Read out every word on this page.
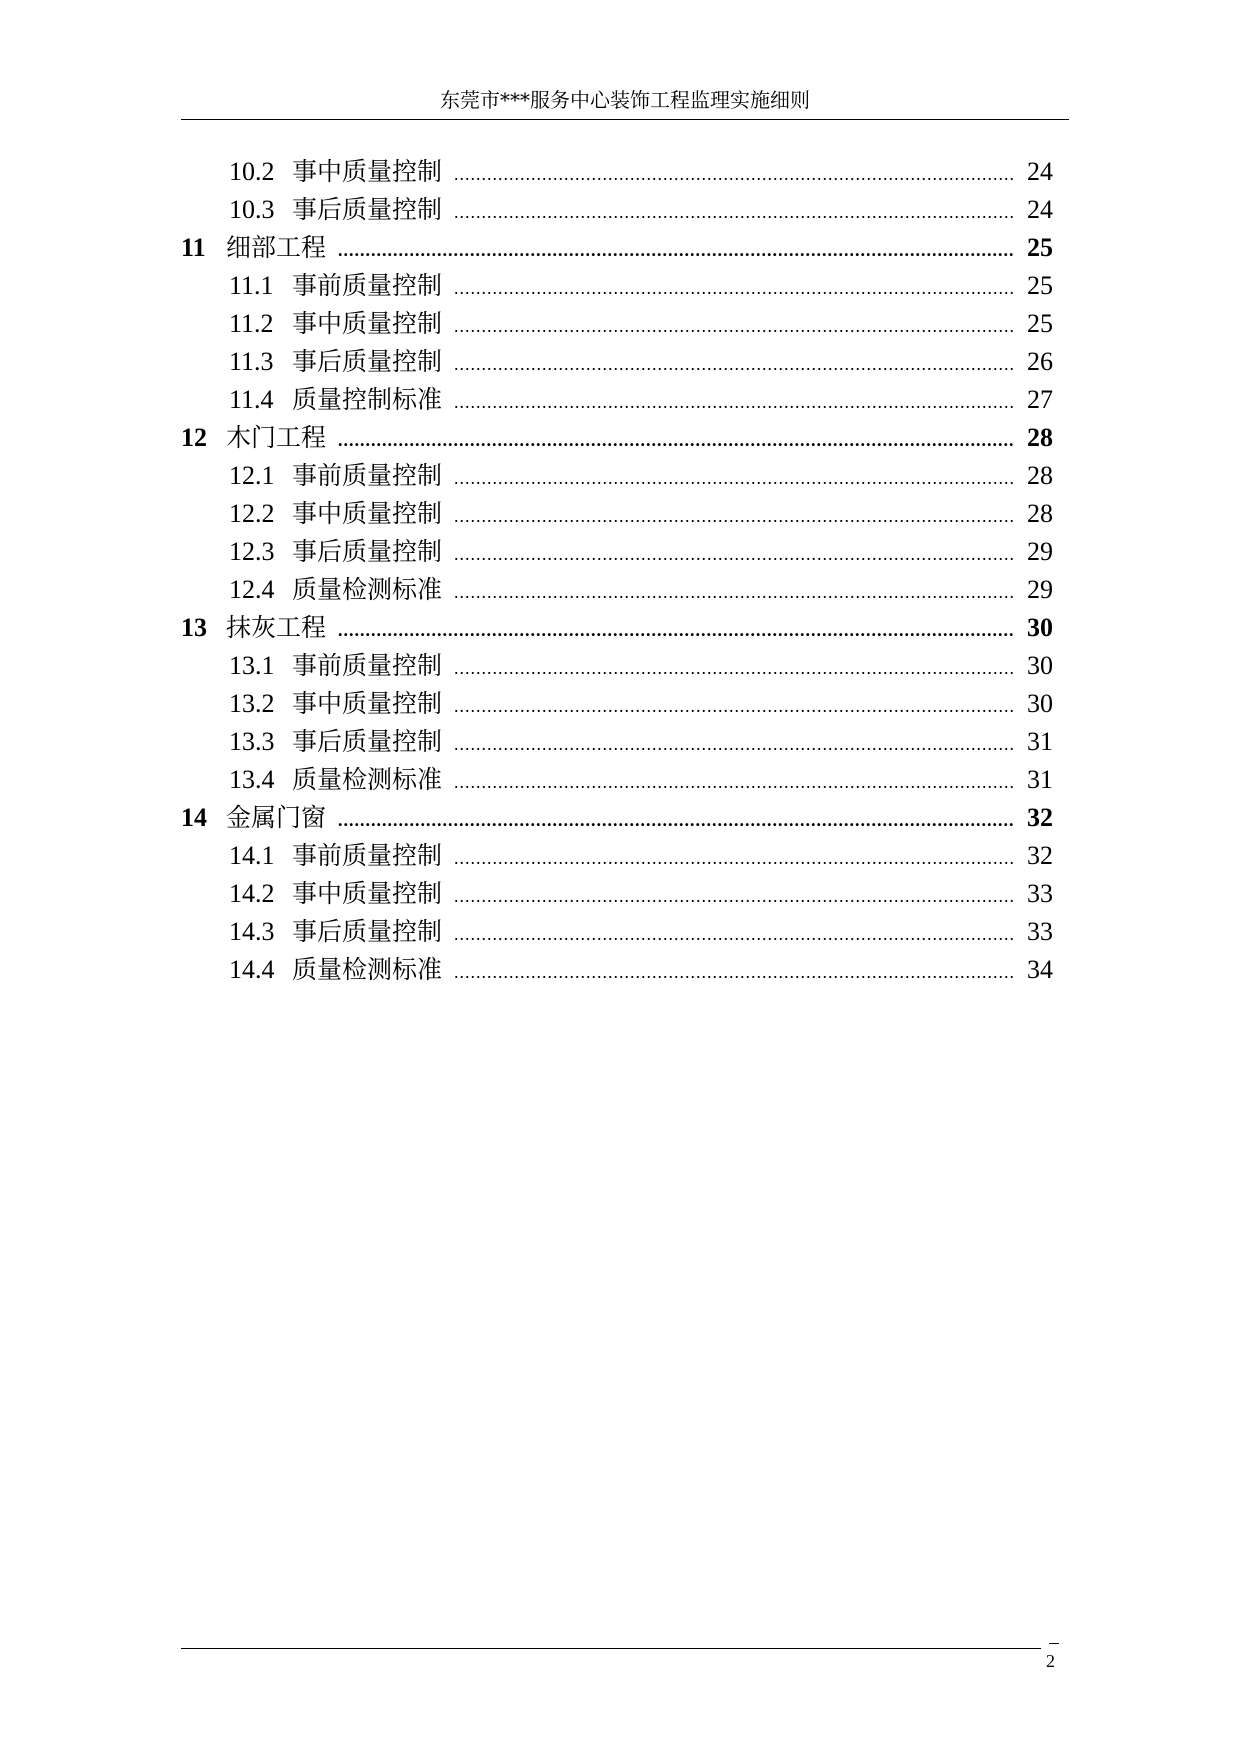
东莞市***服务中心装饰工程监理实施细则
10.2 事中质量控制 .....	24
10.3 事后质量控制 .....	24
11 细部工程 .....	25
11.1 事前质量控制 .....	25
11.2 事中质量控制 .....	25
11.3 事后质量控制 .....	26
11.4 质量控制标准 .....	27
12 木门工程 .....	28
12.1 事前质量控制 .....	28
12.2 事中质量控制 .....	28
12.3 事后质量控制 .....	29
12.4 质量检测标准 .....	29
13 抹灰工程 .....	30
13.1 事前质量控制 .....	30
13.2 事中质量控制 .....	30
13.3 事后质量控制 .....	31
13.4 质量检测标准 .....	31
14 金属门窗 .....	32
14.1 事前质量控制 .....	32
14.2 事中质量控制 .....	33
14.3 事后质量控制 .....	33
14.4 质量检测标准 .....	34
2
